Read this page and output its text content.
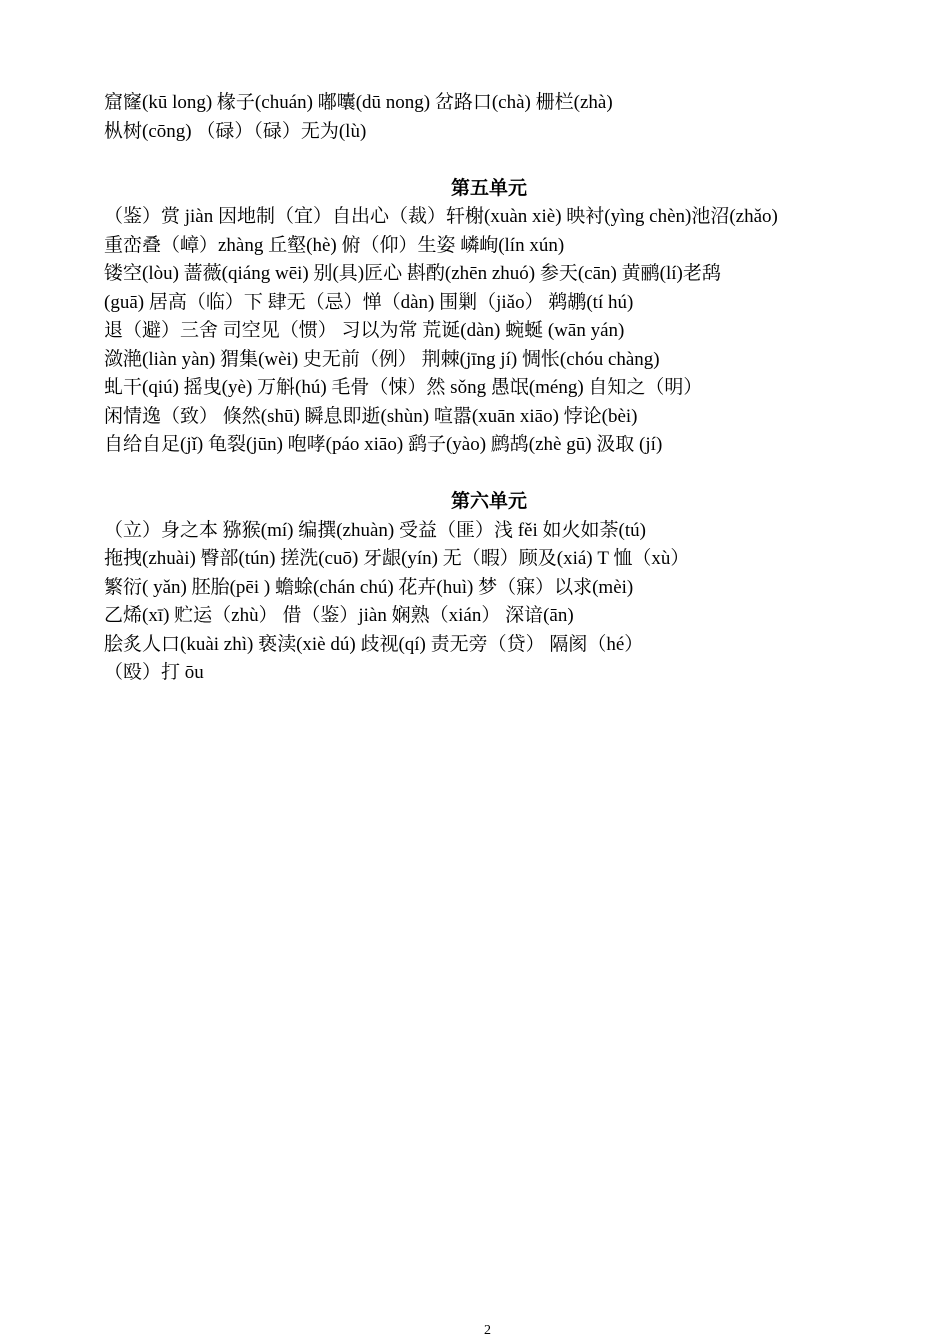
窟窿(kū long) 椽子(chuán) 嘟囔(dū nong) 岔路口(chà) 栅栏(zhà)
枞树(cōng) （碌）（碌）无为(lù)
第五单元
（鉴）赏 jiàn 因地制（宜）自出心（裁）轩榭(xuàn xiè) 映衬(yìng chèn)池沼(zhǎo)
重峦叠（嶂）zhàng 丘壑(hè) 俯（仰）生姿 嶙峋(lín xún)
镂空(lòu) 蔷薇(qiáng wēi) 别(具)匠心 斟酌(zhēn zhuó) 参天(cān) 黄鹂(lí)老鸹
(guā) 居高（临）下 肆无（忌）惮（dàn) 围剿（jiǎo） 鹈鹕(tí hú)
退（避）三舍 司空见（惯） 习以为常 荒诞(dàn) 蜿蜒 (wān yán)
潋滟(liàn yàn) 猬集(wèi) 史无前（例） 荆棘(jīng jí) 惆怅(chóu chàng)
虬干(qiú) 摇曳(yè) 万斛(hú) 毛骨（悚）然 sǒng 愚氓(méng) 自知之（明）
闲情逸（致） 倏然(shū) 瞬息即逝(shùn) 喧嚣(xuān xiāo) 悖论(bèi)
自给自足(jǐ) 龟裂(jūn) 咆哮(páo xiāo) 鹞子(yào) 鹧鸪(zhè gū) 汲取 (jí)
第六单元
（立）身之本 猕猴(mí) 编撰(zhuàn) 受益（匪）浅 fěi 如火如荼(tú)
拖拽(zhuài) 臀部(tún) 搓洗(cuō) 牙龈(yín) 无（暇）顾及(xiá) T 恤（xù）
繁衍( yǎn) 胚胎(pēi ) 蟾蜍(chán chú) 花卉(huì) 梦（寐）以求(mèi)
乙烯(xī) 贮运（zhù） 借（鉴）jiàn 娴熟（xián） 深谙(ān)
脍炙人口(kuài zhì) 亵渎(xiè dú) 歧视(qí) 责无旁（贷） 隔阂（hé）
（殴）打 ōu
2
